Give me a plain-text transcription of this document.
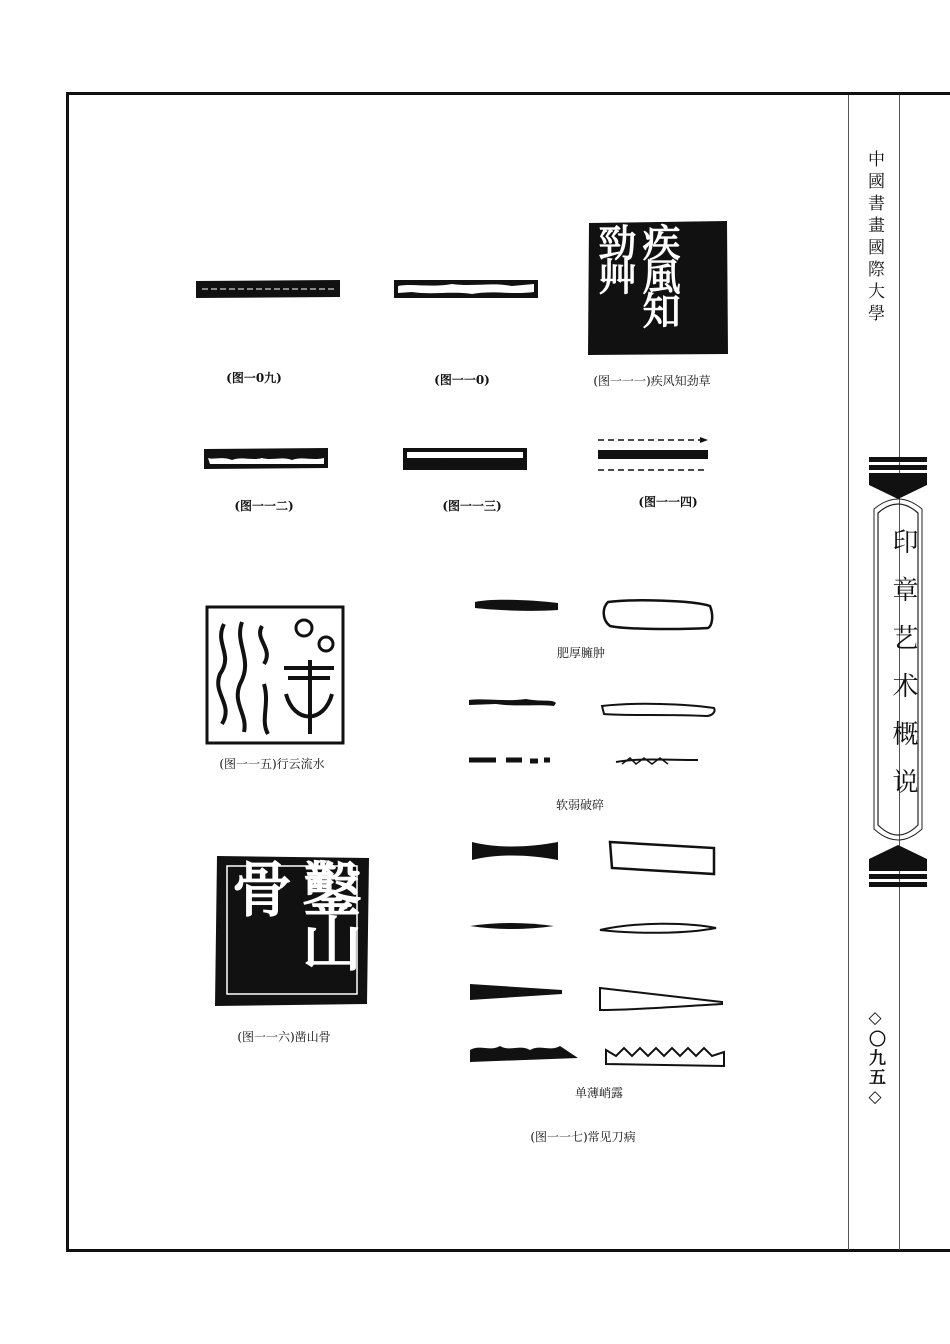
中國書畫國際大學
印章艺术概说
◇〇九五◇
(图一0九)	(图一一0)
疾風知勁艸
(图一一一)疾风知劲草
(图一一二)	(图一一三)	(图一一四)
(图一一五)行云流水
肥厚臃肿
软弱破碎
鑿山骨
(图一一六)凿山骨
单薄峭露
(图一一七)常见刀病
